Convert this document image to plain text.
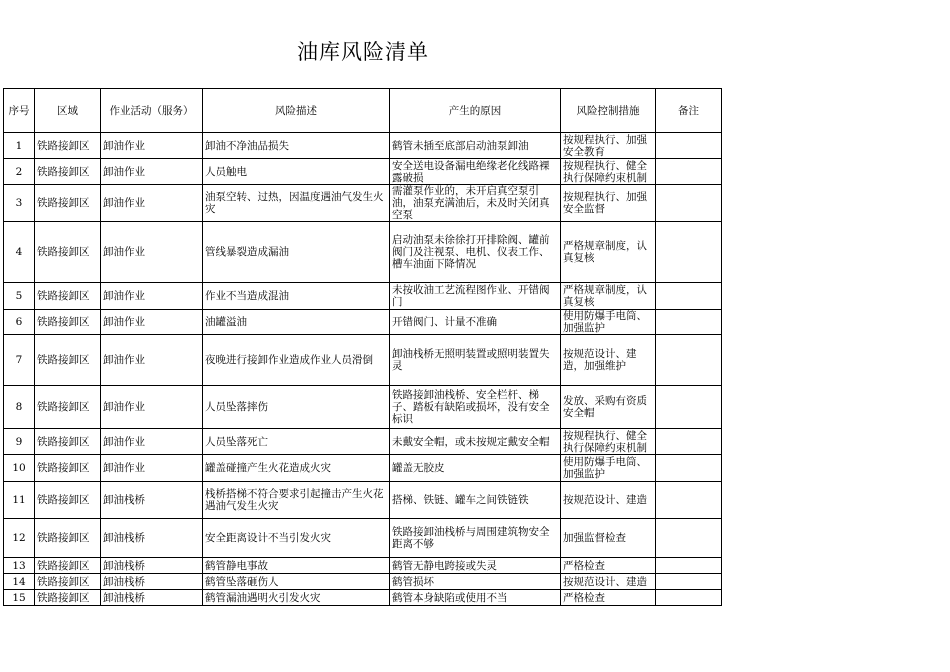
油库风险清单
序号	区域	作业活动（服务）	风险描述	产生的原因	风险控制措施	备注
1	铁路接卸区	卸油作业	卸油不净油品损失	鹤管未插至底部启动油泵卸油	按规程执行、加强安全教育	
2	铁路接卸区	卸油作业	人员触电	安全送电设备漏电绝缘老化线路裸露破损	按规程执行、健全执行保障约束机制	
3	铁路接卸区	卸油作业	油泵空转、过热，因温度遇油气发生火灾	需灌泵作业的，未开启真空泵引油，油泵充满油后，未及时关闭真空泵	按规程执行、加强安全监督	
4	铁路接卸区	卸油作业	管线暴裂造成漏油	启动油泵未徐徐打开排除阀、罐前阀门及注视泵、电机、仪表工作、槽车油面下降情况	严格规章制度，认真复核	
5	铁路接卸区	卸油作业	作业不当造成混油	未按收油工艺流程图作业、开错阀门	严格规章制度，认真复核	
6	铁路接卸区	卸油作业	油罐溢油	开错阀门、计量不准确	使用防爆手电筒、加强监护	
7	铁路接卸区	卸油作业	夜晚进行接卸作业造成作业人员滑倒	卸油栈桥无照明装置或照明装置失灵	按规范设计、建造，加强维护	
8	铁路接卸区	卸油作业	人员坠落摔伤	铁路接卸油栈桥、安全栏杆、梯子、踏板有缺陷或损坏，没有安全标识	发放、采购有资质安全帽	
9	铁路接卸区	卸油作业	人员坠落死亡	未戴安全帽，或未按规定戴安全帽	按规程执行、健全执行保障约束机制	
10	铁路接卸区	卸油作业	罐盖碰撞产生火花造成火灾	罐盖无胶皮	使用防爆手电筒、加强监护	
11	铁路接卸区	卸油栈桥	栈桥搭梯不符合要求引起撞击产生火花遇油气发生火灾	搭梯、铁链、罐车之间铁链铁	按规范设计、建造	
12	铁路接卸区	卸油栈桥	安全距离设计不当引发火灾	铁路接卸油栈桥与周围建筑物安全距离不够	加强监督检查	
13	铁路接卸区	卸油栈桥	鹤管静电事故	鹤管无静电跨接或失灵	严格检查	
14	铁路接卸区	卸油栈桥	鹤管坠落砸伤人	鹤管损坏	按规范设计、建造	
15	铁路接卸区	卸油栈桥	鹤管漏油遇明火引发火灾	鹤管本身缺陷或使用不当	严格检查	
